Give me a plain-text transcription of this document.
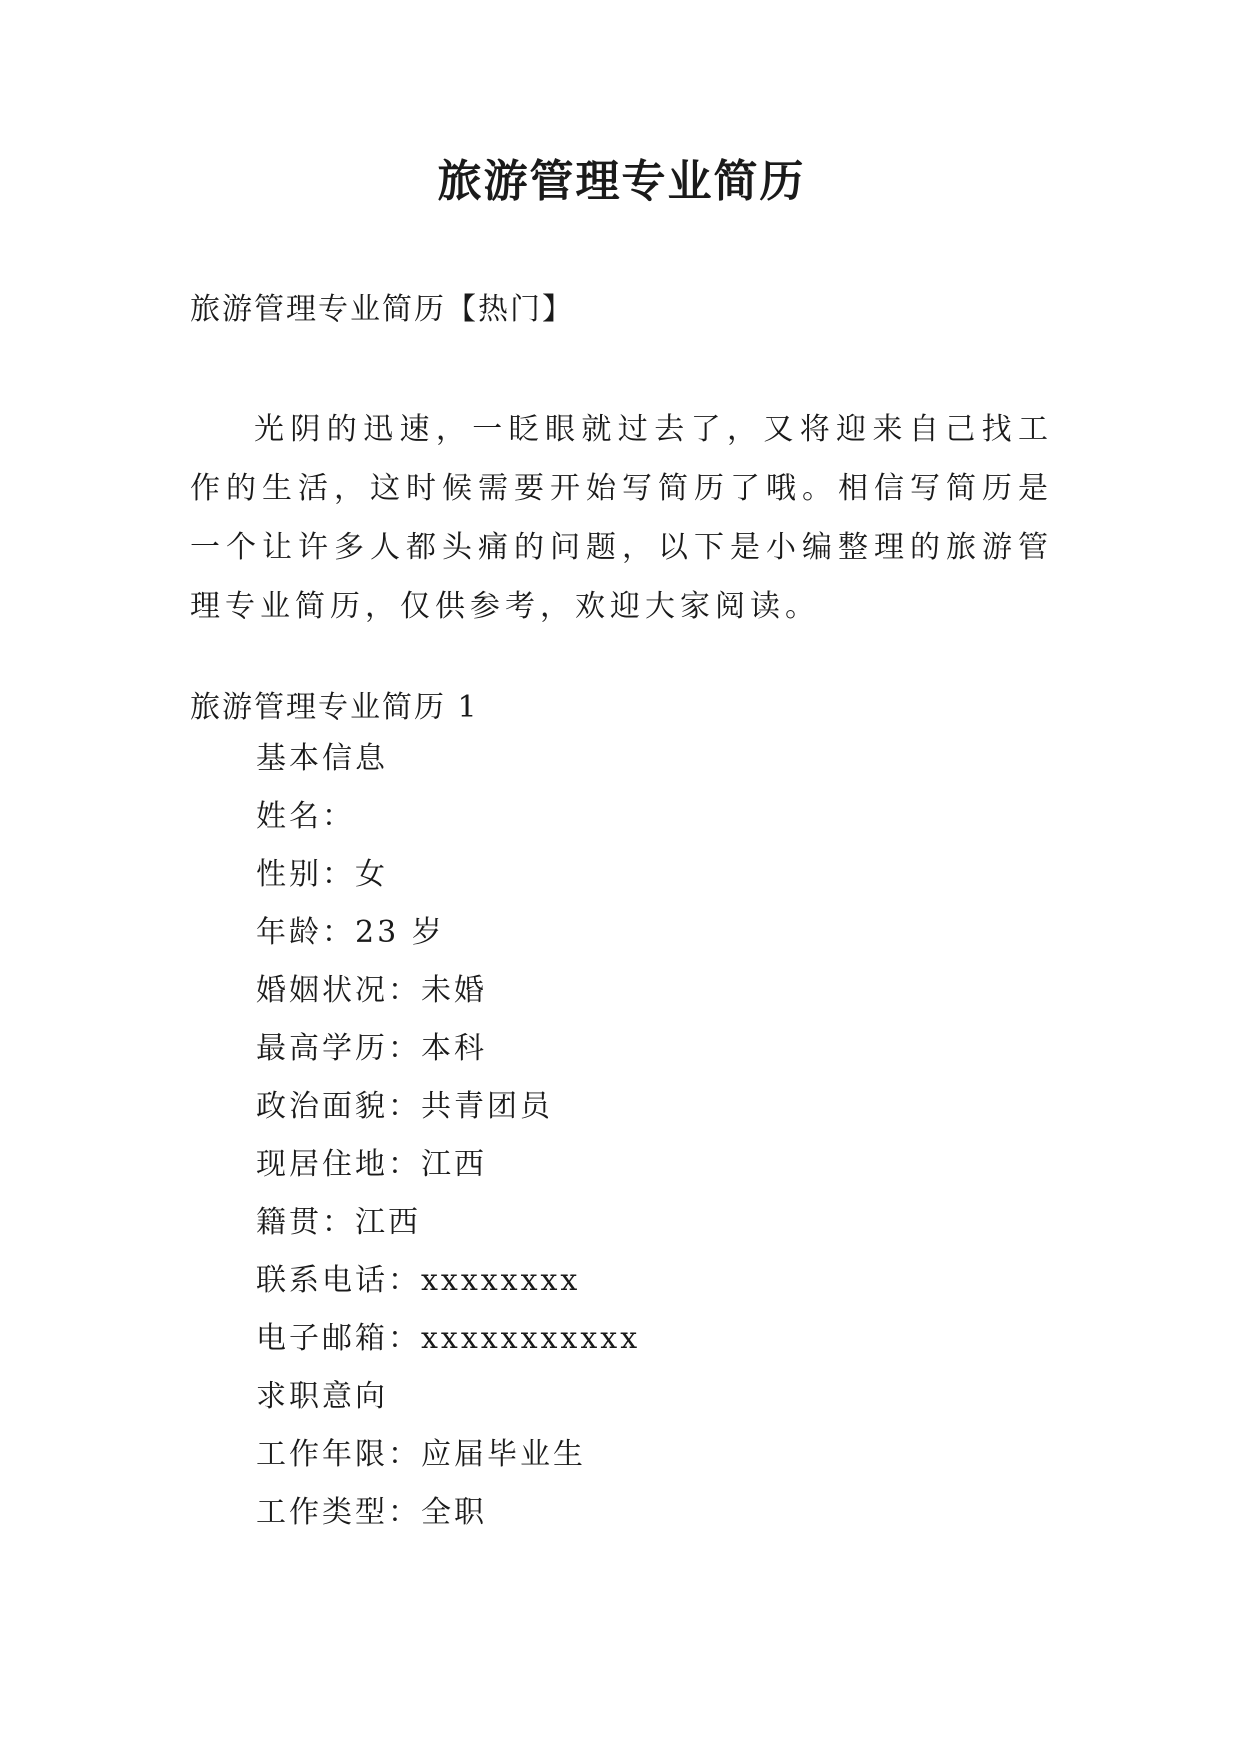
旅游管理专业简历

旅游管理专业简历【热门】

光阴的迅速，一眨眼就过去了，又将迎来自己找工作的生活，这时候需要开始写简历了哦。相信写简历是一个让许多人都头痛的问题，以下是小编整理的旅游管理专业简历，仅供参考，欢迎大家阅读。

旅游管理专业简历 1

基本信息
姓名：
性别：女
年龄：23 岁
婚姻状况：未婚
最高学历：本科
政治面貌：共青团员
现居住地：江西
籍贯：江西
联系电话：xxxxxxxx
电子邮箱：xxxxxxxxxxx
求职意向
工作年限：应届毕业生
工作类型：全职
